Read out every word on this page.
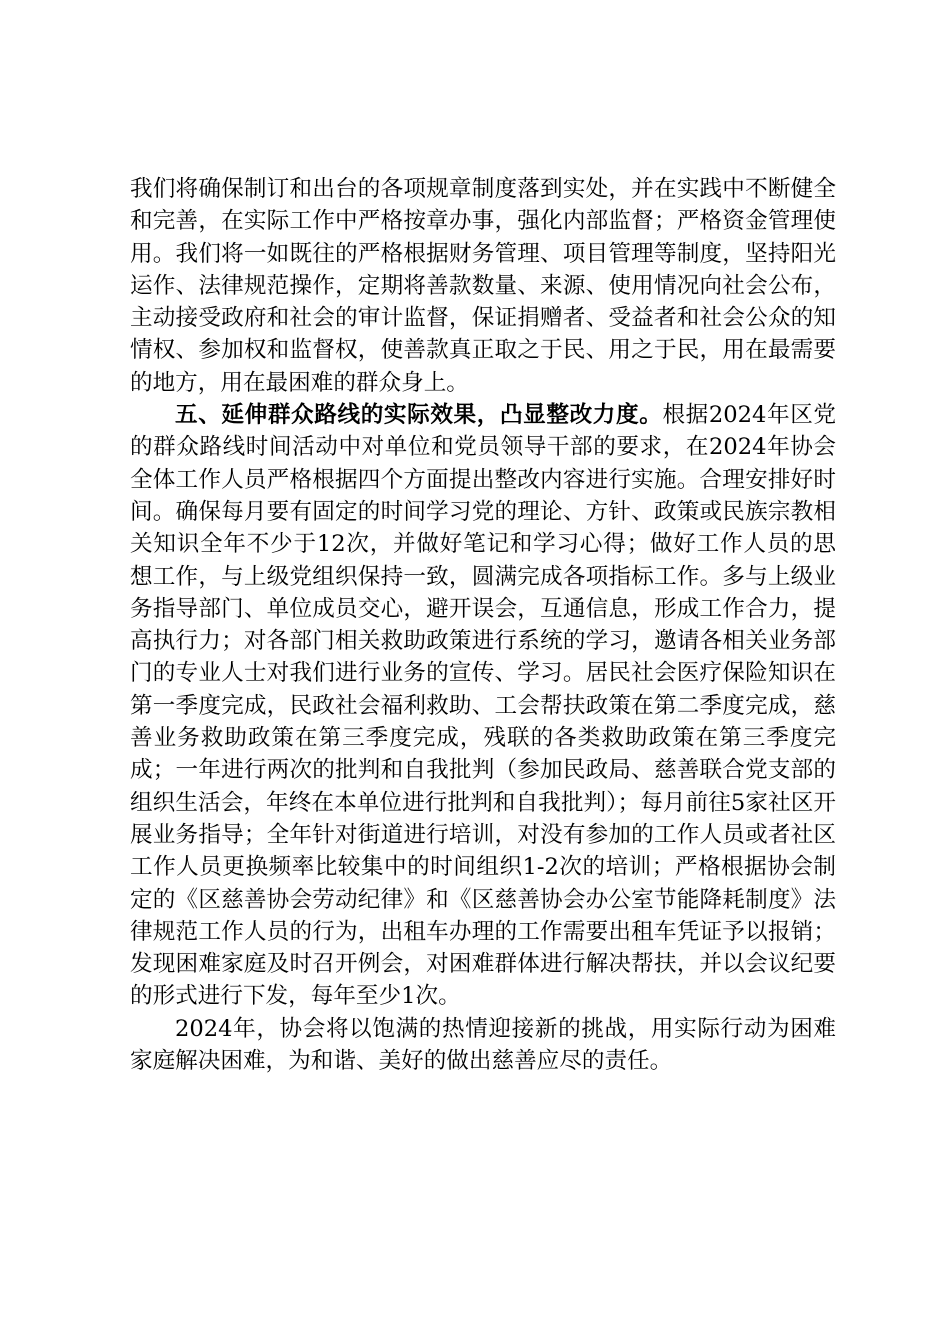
我们将确保制订和出台的各项规章制度落到实处，并在实践中不断健全和完善，在实际工作中严格按章办事，强化内部监督；严格资金管理使用。我们将一如既往的严格根据财务管理、项目管理等制度，坚持阳光运作、法律规范操作，定期将善款数量、来源、使用情况向社会公布，主动接受政府和社会的审计监督，保证捐赠者、受益者和社会公众的知情权、参加权和监督权，使善款真正取之于民、用之于民，用在最需要的地方，用在最困难的群众身上。

五、延伸群众路线的实际效果，凸显整改力度。根据2024年区党的群众路线时间活动中对单位和党员领导干部的要求，在2024年协会全体工作人员严格根据四个方面提出整改内容进行实施。合理安排好时间。确保每月要有固定的时间学习党的理论、方针、政策或民族宗教相关知识全年不少于12次，并做好笔记和学习心得；做好工作人员的思想工作，与上级党组织保持一致，圆满完成各项指标工作。多与上级业务指导部门、单位成员交心，避开误会，互通信息，形成工作合力，提高执行力；对各部门相关救助政策进行系统的学习，邀请各相关业务部门的专业人士对我们进行业务的宣传、学习。居民社会医疗保险知识在第一季度完成，民政社会福利救助、工会帮扶政策在第二季度完成，慈善业务救助政策在第三季度完成，残联的各类救助政策在第三季度完成；一年进行两次的批判和自我批判（参加民政局、慈善联合党支部的组织生活会，年终在本单位进行批判和自我批判）；每月前往5家社区开展业务指导；全年针对街道进行培训，对没有参加的工作人员或者社区工作人员更换频率比较集中的时间组织1-2次的培训；严格根据协会制定的《区慈善协会劳动纪律》和《区慈善协会办公室节能降耗制度》法律规范工作人员的行为，出租车办理的工作需要出租车凭证予以报销；发现困难家庭及时召开例会，对困难群体进行解决帮扶，并以会议纪要的形式进行下发，每年至少1次。

2024年，协会将以饱满的热情迎接新的挑战，用实际行动为困难家庭解决困难，为和谐、美好的做出慈善应尽的责任。
